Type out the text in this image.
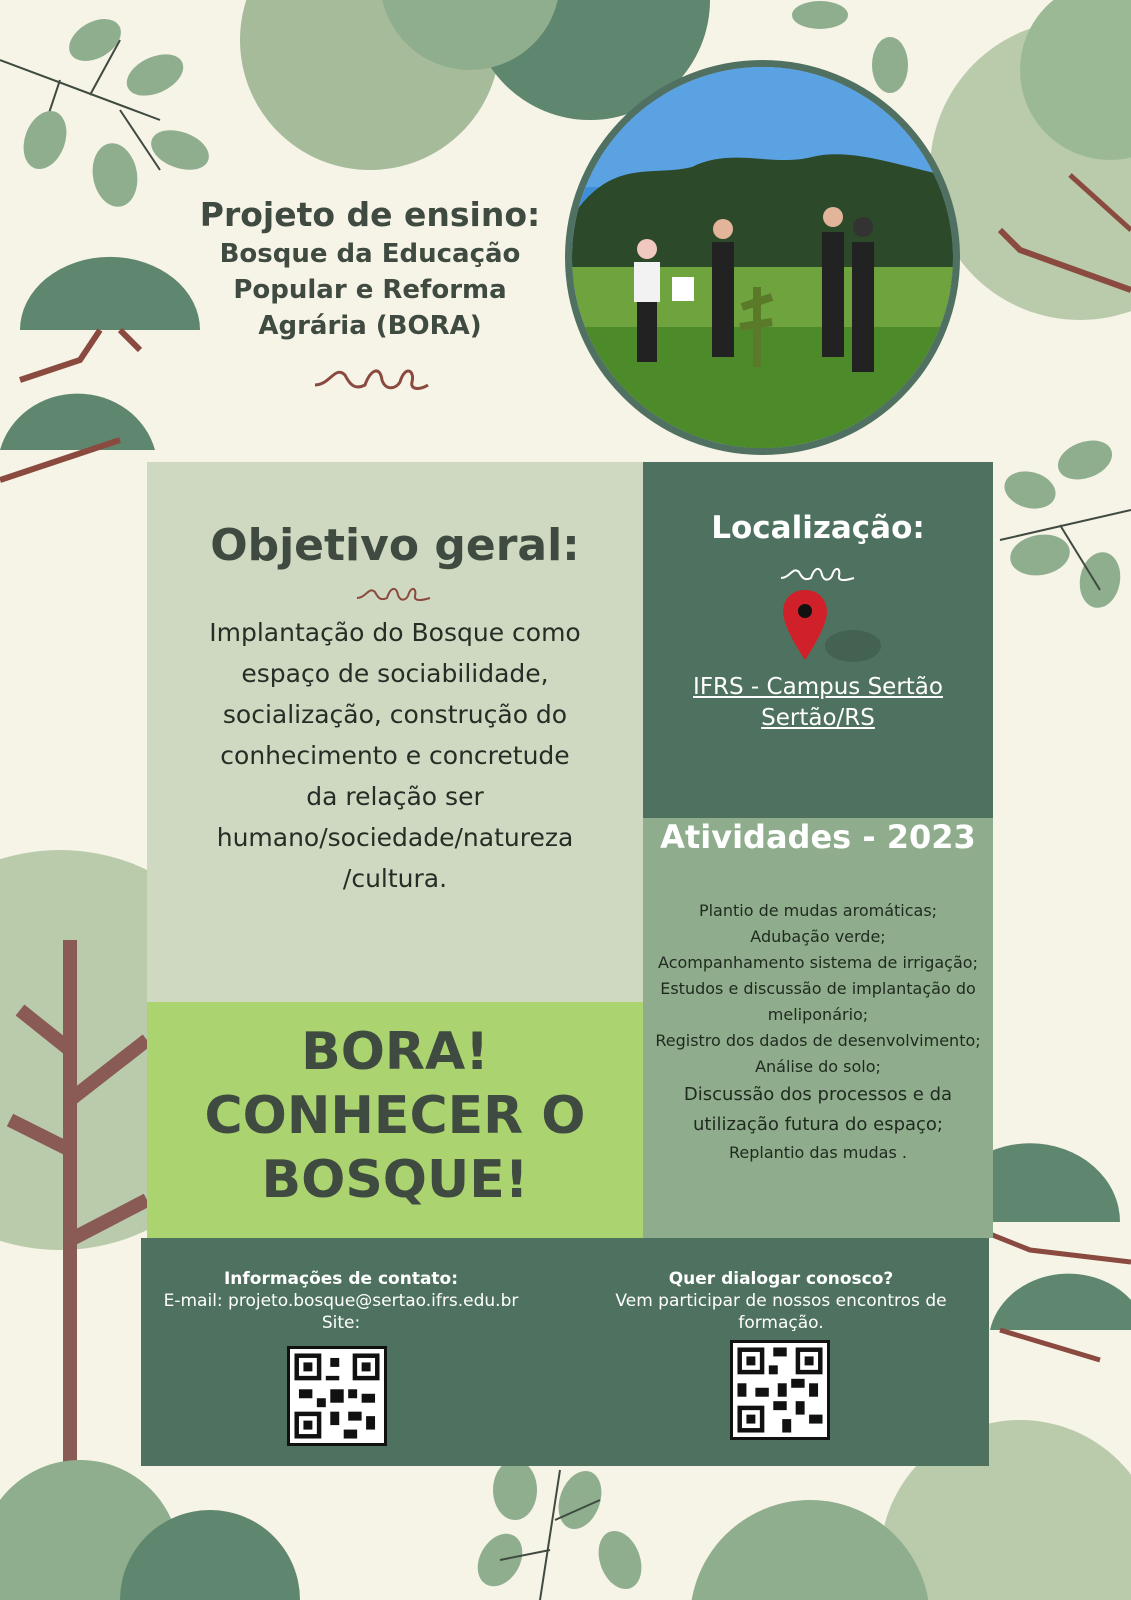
Projeto de ensino:

Bosque da Educação

Popular e Reforma

Agrária (BORA)

Objetivo geral:
Implantação do Bosque como
espaço de sociabilidade,
socialização, construção do
conhecimento e concretude
da relação ser
humano/sociedade/natureza
/cultura.
BORA!
CONHECER O
BOSQUE!
Localização:
IFRS - Campus Sertão
Sertão/RS
Atividades - 2023
Plantio de mudas aromáticas;
Adubação verde;
Acompanhamento sistema de irrigação;
Estudos e discussão de implantação do
meliponário;
Registro dos dados de desenvolvimento;
Análise do solo;
Discussão dos processos e da
utilização futura do espaço;
Replantio das mudas .

Informações de contato:

E-mail: projeto.bosque@sertao.ifrs.edu.br

Site:

Quer dialogar conosco?

Vem participar de nossos encontros de

formação.
